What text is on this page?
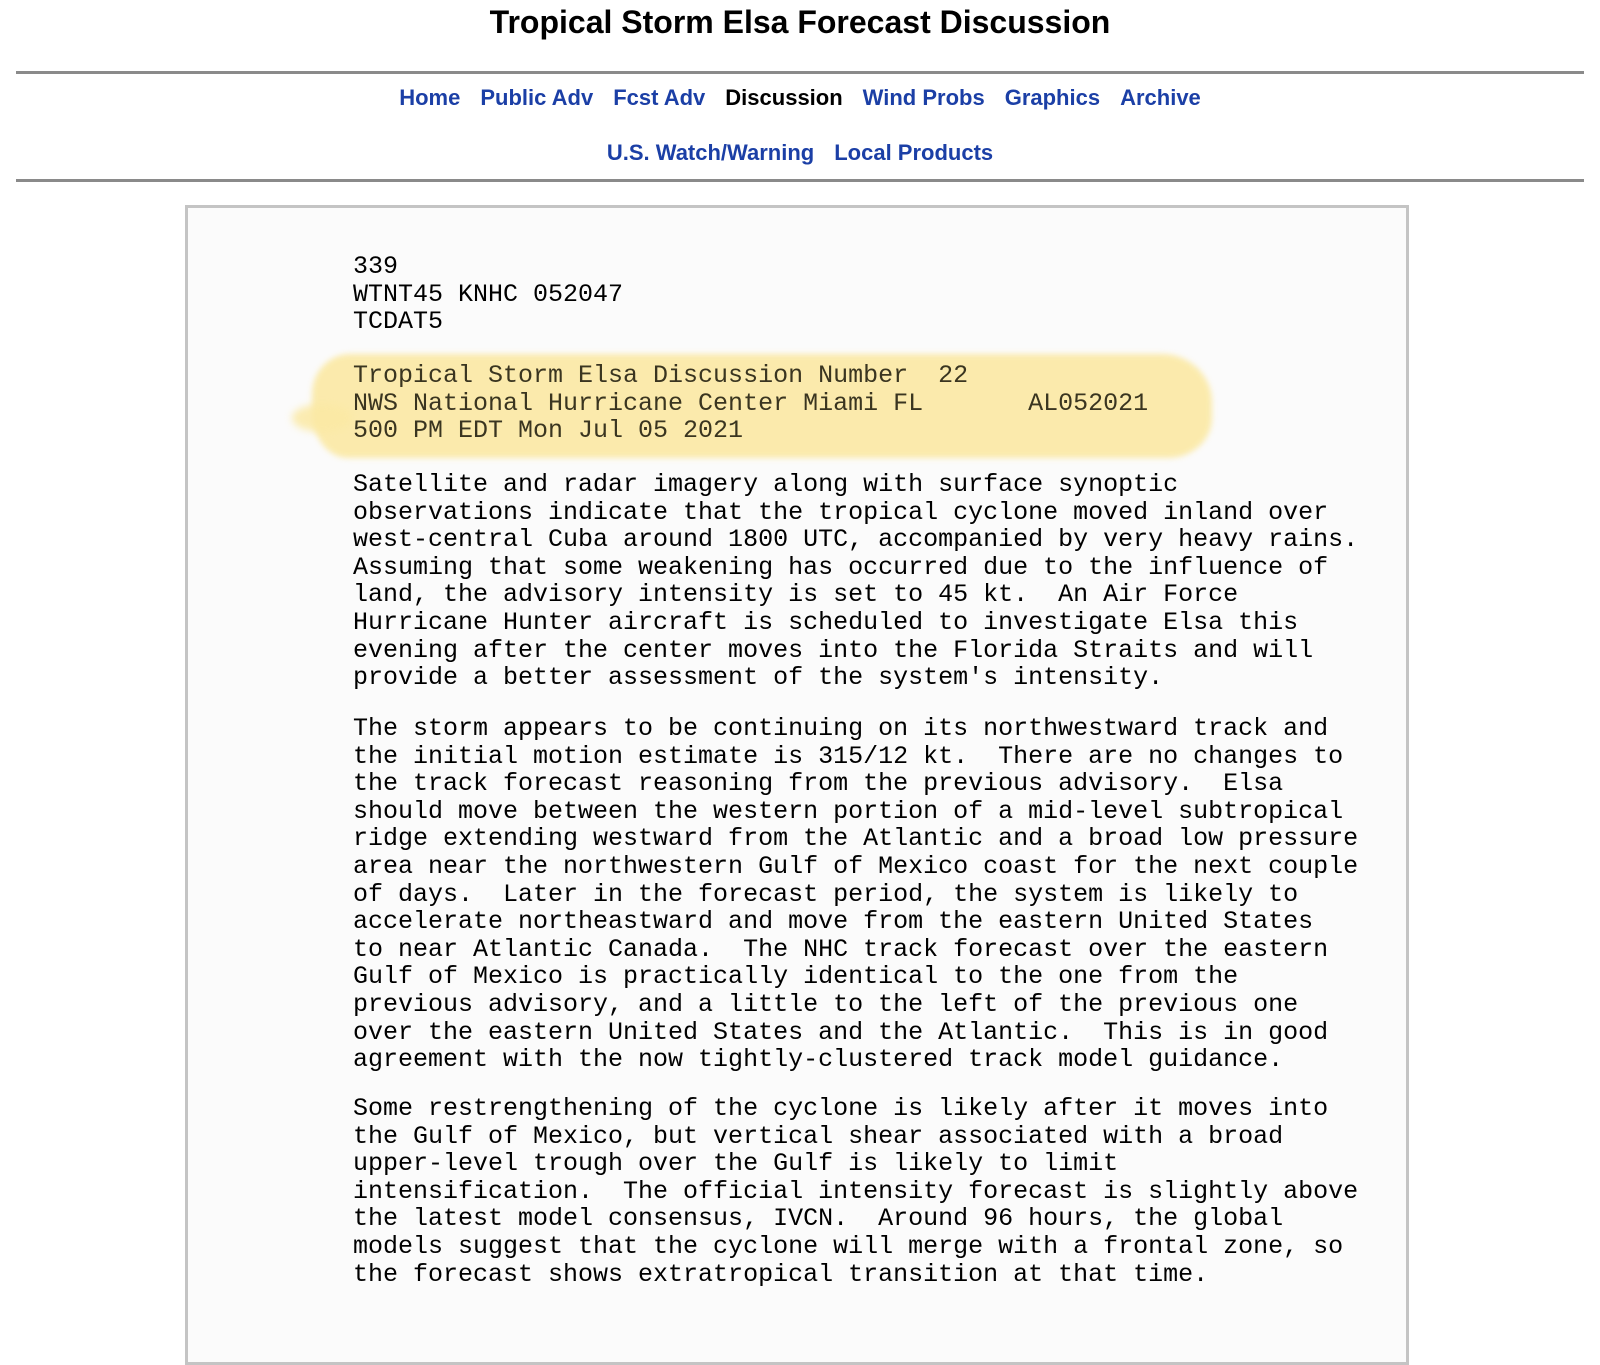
Tropical Storm Elsa Forecast Discussion
Home Public Adv Fcst Adv Discussion Wind Probs Graphics Archive
U.S. Watch/Warning Local Products
339
WTNT45 KNHC 052047
TCDAT5
Tropical Storm Elsa Discussion Number  22
NWS National Hurricane Center Miami FL       AL052021
500 PM EDT Mon Jul 05 2021
Satellite and radar imagery along with surface synoptic
observations indicate that the tropical cyclone moved inland over
west-central Cuba around 1800 UTC, accompanied by very heavy rains.
Assuming that some weakening has occurred due to the influence of
land, the advisory intensity is set to 45 kt.  An Air Force
Hurricane Hunter aircraft is scheduled to investigate Elsa this
evening after the center moves into the Florida Straits and will
provide a better assessment of the system's intensity.
The storm appears to be continuing on its northwestward track and
the initial motion estimate is 315/12 kt.  There are no changes to
the track forecast reasoning from the previous advisory.  Elsa
should move between the western portion of a mid-level subtropical
ridge extending westward from the Atlantic and a broad low pressure
area near the northwestern Gulf of Mexico coast for the next couple
of days.  Later in the forecast period, the system is likely to
accelerate northeastward and move from the eastern United States
to near Atlantic Canada.  The NHC track forecast over the eastern
Gulf of Mexico is practically identical to the one from the
previous advisory, and a little to the left of the previous one
over the eastern United States and the Atlantic.  This is in good
agreement with the now tightly-clustered track model guidance.
Some restrengthening of the cyclone is likely after it moves into
the Gulf of Mexico, but vertical shear associated with a broad
upper-level trough over the Gulf is likely to limit
intensification.  The official intensity forecast is slightly above
the latest model consensus, IVCN.  Around 96 hours, the global
models suggest that the cyclone will merge with a frontal zone, so
the forecast shows extratropical transition at that time.
